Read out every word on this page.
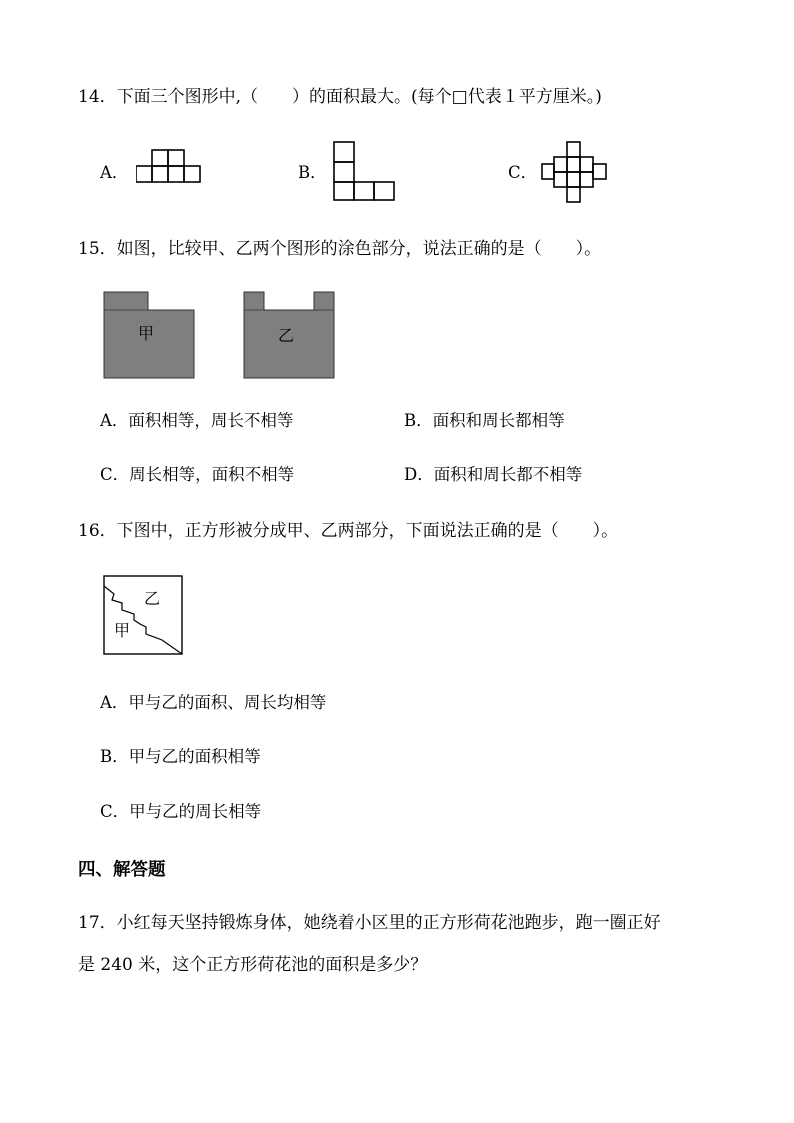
14．下面三个图形中,（　　）的面积最大。(每个□代表１平方厘米。)
A．	B．	C．
15．如图，比较甲、乙两个图形的涂色部分，说法正确的是（　　）。
甲	乙
A．面积相等，周长不相等	B．面积和周长都相等
C．周长相等，面积不相等	D．面积和周长都不相等
16．下图中，正方形被分成甲、乙两部分，下面说法正确的是（　　）。
乙
甲
A．甲与乙的面积、周长均相等
B．甲与乙的面积相等
C．甲与乙的周长相等
四、解答题
17．小红每天坚持锻炼身体，她绕着小区里的正方形荷花池跑步，跑一圈正好
是 240 米，这个正方形荷花池的面积是多少？
